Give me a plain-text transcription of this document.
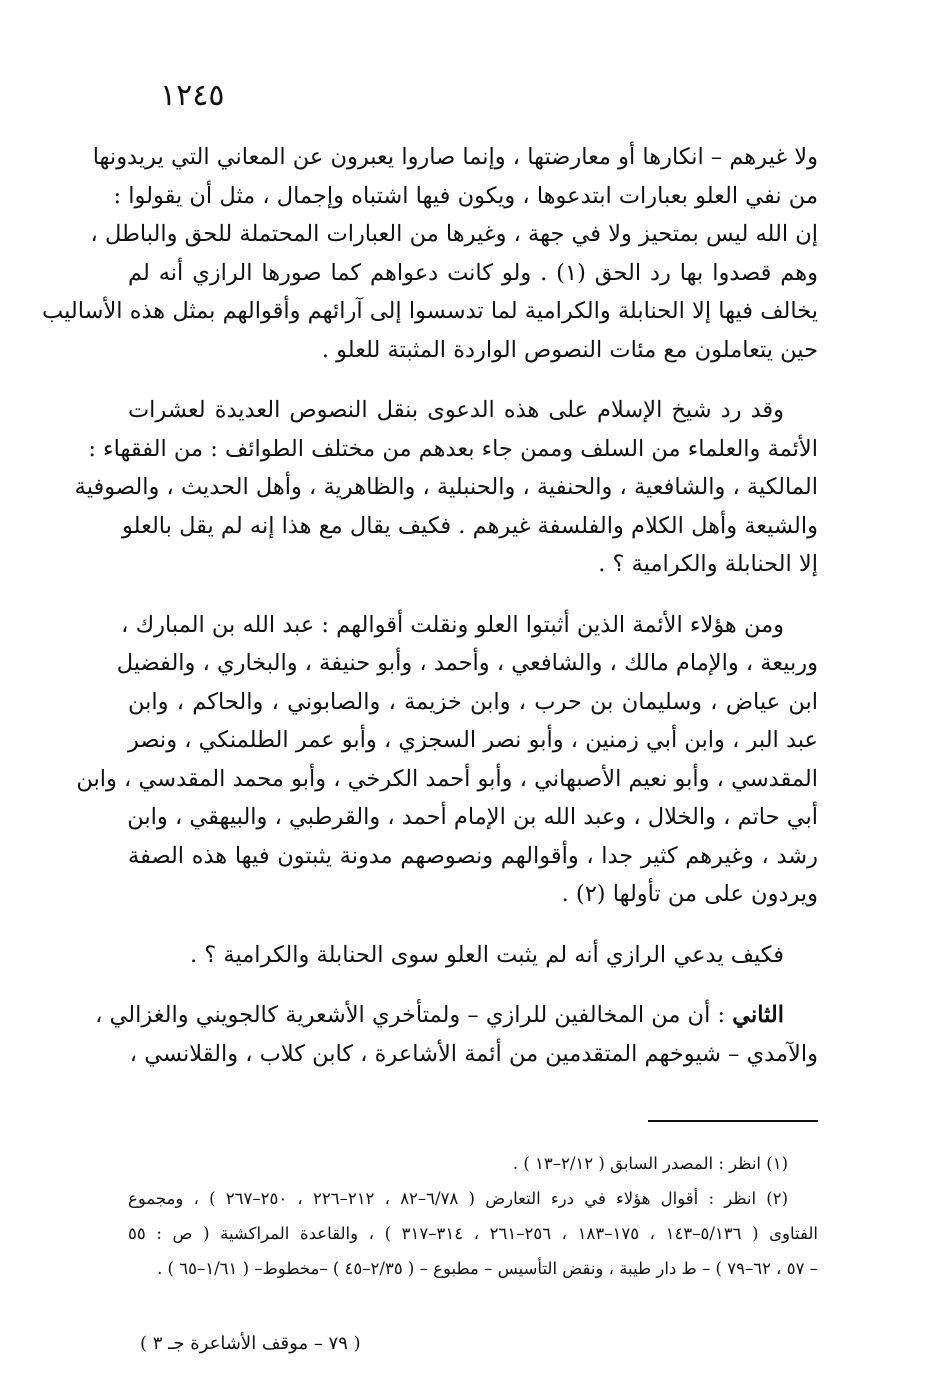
١٢٤٥
ولا غيرهم – انكارها أو معارضتها ، وإنما صاروا يعبرون عن المعاني التي يريدونها
من نفي العلو بعبارات ابتدعوها ، ويكون فيها اشتباه وإجمال ، مثل أن يقولوا :
إن الله ليس بمتحيز ولا في جهة ، وغيرها من العبارات المحتملة للحق والباطل ،
وهم قصدوا بها رد الحق (١) . ولو كانت دعواهم كما صورها الرازي أنه لم
يخالف فيها إلا الحنابلة والكرامية لما تدسسوا إلى آرائهم وأقوالهم بمثل هذه الأساليب
حين يتعاملون مع مئات النصوص الواردة المثبتة للعلو .
وقد رد شيخ الإسلام على هذه الدعوى بنقل النصوص العديدة لعشرات
الأئمة والعلماء من السلف وممن جاء بعدهم من مختلف الطوائف : من الفقهاء :
المالكية ، والشافعية ، والحنفية ، والحنبلية ، والظاهرية ، وأهل الحديث ، والصوفية
والشيعة وأهل الكلام والفلسفة غيرهم . فكيف يقال مع هذا إنه لم يقل بالعلو
إلا الحنابلة والكرامية ؟ .
ومن هؤلاء الأئمة الذين أثبتوا العلو ونقلت أقوالهم : عبد الله بن المبارك ،
وربيعة ، والإمام مالك ، والشافعي ، وأحمد ، وأبو حنيفة ، والبخاري ، والفضيل
ابن عياض ، وسليمان بن حرب ، وابن خزيمة ، والصابوني ، والحاكم ، وابن
عبد البر ، وابن أبي زمنين ، وأبو نصر السجزي ، وأبو عمر الطلمنكي ، ونصر
المقدسي ، وأبو نعيم الأصبهاني ، وأبو أحمد الكرخي ، وأبو محمد المقدسي ، وابن
أبي حاتم ، والخلال ، وعبد الله بن الإمام أحمد ، والقرطبي ، والبيهقي ، وابن
رشد ، وغيرهم كثير جدا ، وأقوالهم ونصوصهم مدونة يثبتون فيها هذه الصفة
ويردون على من تأولها (٢) .
فكيف يدعي الرازي أنه لم يثبت العلو سوى الحنابلة والكرامية ؟ .
الثاني : أن من المخالفين للرازي – ولمتأخري الأشعرية كالجويني والغزالي ،
والآمدي – شيوخهم المتقدمين من أئمة الأشاعرة ، كابن كلاب ، والقلانسي ،
(١) انظر : المصدر السابق ( ٢/١٢–١٣ ) .
(٢) انظر : أقوال هؤلاء في درء التعارض ( ٦/٧٨–٨٢ ، ٢١٢–٢٢٦ ، ٢٥٠–٢٦٧ ) ، ومجموع
الفتاوى ( ٥/١٣٦–١٤٣ ، ١٧٥–١٨٣ ، ٢٥٦–٢٦١ ، ٣١٤–٣١٧ ) ، والقاعدة المراكشية ( ص : ٥٥
– ٥٧ ، ٦٢–٧٩ ) – ط دار طيبة ، ونقض التأسيس – مطبوع – ( ٢/٣٥–٤٥ ) –مخطوط– ( ١/٦١–٦٥ ) .
( ٧٩ – موقف الأشاعرة جـ ٣ )
